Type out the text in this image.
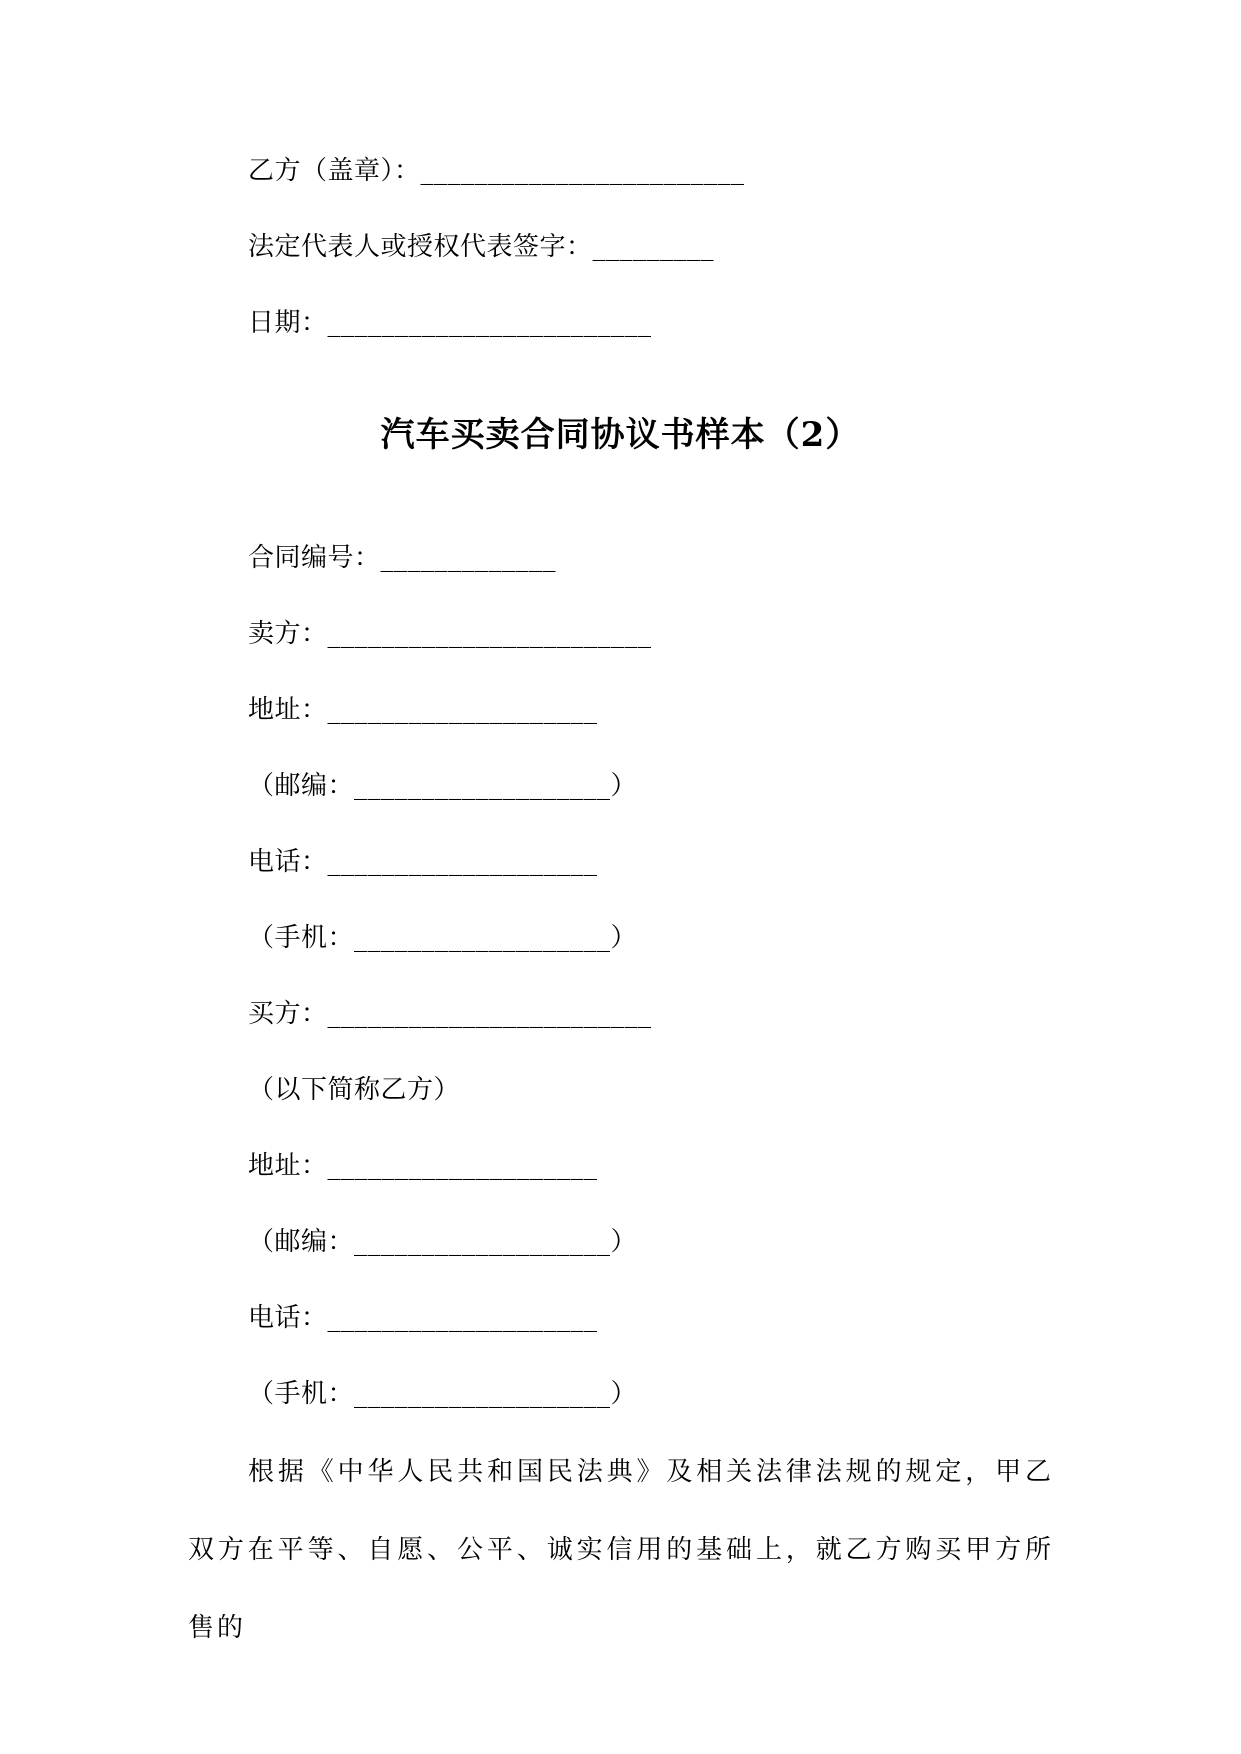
乙方（盖章）：________________________
法定代表人或授权代表签字：_________
日期：________________________
汽车买卖合同协议书样本（2）
合同编号：_____________
卖方：________________________
地址：____________________
（邮编：___________________）
电话：____________________
（手机：___________________）
买方：________________________
（以下简称乙方）
地址：____________________
（邮编：___________________）
电话：____________________
（手机：___________________）
根据《中华人民共和国民法典》及相关法律法规的规定，甲乙双方在平等、自愿、公平、诚实信用的基础上，就乙方购买甲方所售的
